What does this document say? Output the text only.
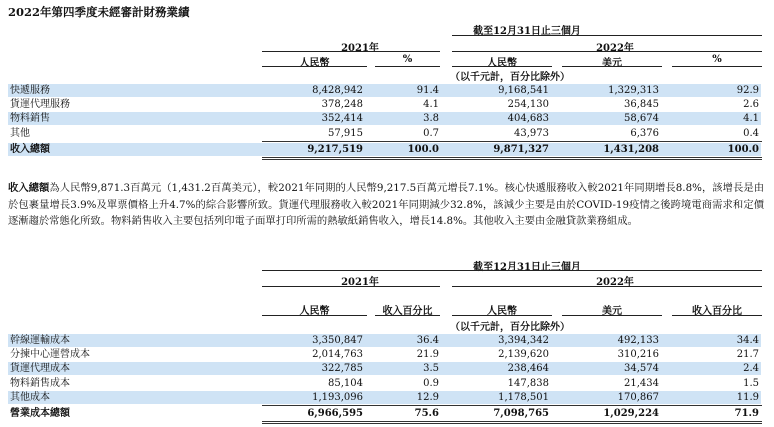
2022年第四季度未經審計財務業績
截至12月31日止三個月
2021年	2022年
人民幣	%	人民幣	美元	%
（以千元計，百分比除外）
快遞服務	8,428,942	91.4	9,168,541	1,329,313	92.9
貨運代理服務	378,248	4.1	254,130	36,845	2.6
物料銷售	352,414	3.8	404,683	58,674	4.1
其他	57,915	0.7	43,973	6,376	0.4
收入總額	9,217,519	100.0	9,871,327	1,431,208	100.0
收入總額為人民幣9,871.3百萬元（1,431.2百萬美元），較2021年同期的人民幣9,217.5百萬元增長7.1%。核心快遞服務收入較2021年同期增長8.8%，該增長是由於包裹量增長3.9%及單票價格上升4.7%的綜合影響所致。貨運代理服務收入較2021年同期減少32.8%，該減少主要是由於COVID-19疫情之後跨境電商需求和定價逐漸趨於常態化所致。物料銷售收入主要包括列印電子面單打印所需的熱敏紙銷售收入，增長14.8%。其他收入主要由金融貸款業務組成。
截至12月31日止三個月
2021年	2022年
人民幣	收入百分比	人民幣	美元	收入百分比
（以千元計，百分比除外）
幹線運輸成本	3,350,847	36.4	3,394,342	492,133	34.4
分揀中心運營成本	2,014,763	21.9	2,139,620	310,216	21.7
貨運代理成本	322,785	3.5	238,464	34,574	2.4
物料銷售成本	85,104	0.9	147,838	21,434	1.5
其他成本	1,193,096	12.9	1,178,501	170,867	11.9
營業成本總額	6,966,595	75.6	7,098,765	1,029,224	71.9
